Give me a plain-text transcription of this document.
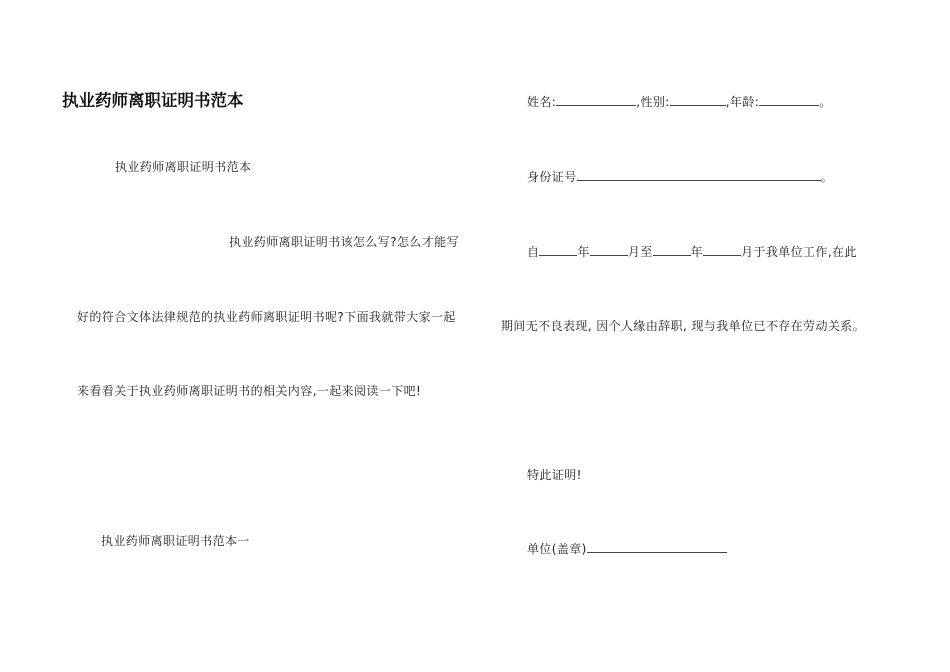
执业药师离职证明书范本
执业药师离职证明书范本
执业药师离职证明书该怎么写?怎么才能写
好的符合文体法律规范的执业药师离职证明书呢?下面我就带大家一起
来看看关于执业药师离职证明书的相关内容,一起来阅读一下吧!
执业药师离职证明书范本一
姓名:	,性别:	,年龄:	。
身份证号	。
自	年	月至	年	月于我单位工作,在此
期间无不良表现, 因个人缘由辞职, 现与我单位已不存在劳动关系。
特此证明!
单位(盖章)
